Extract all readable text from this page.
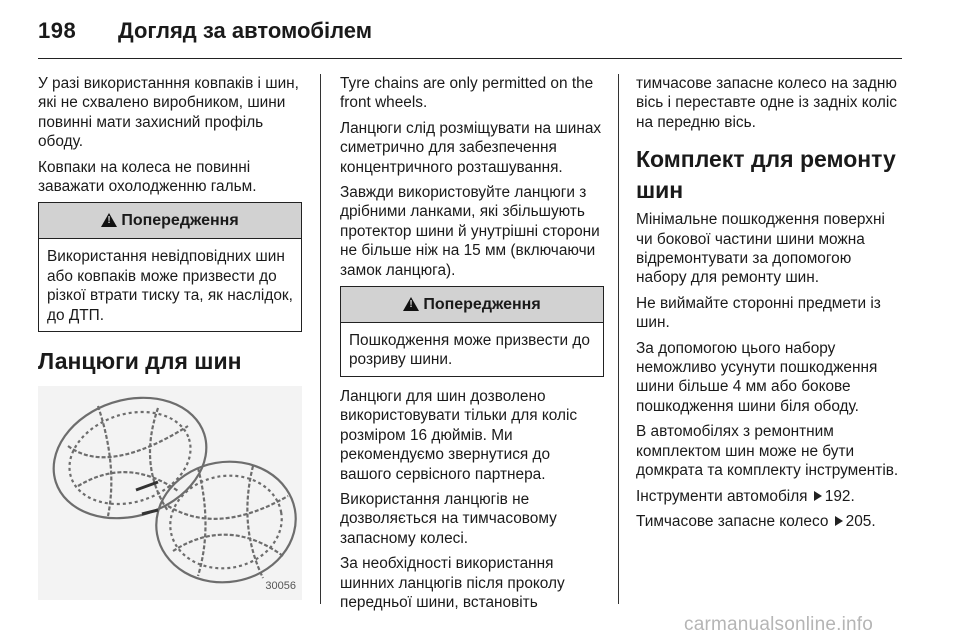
198 Догляд за автомобілем

У разі використанння ковпаків і шин, які не схвалено виробником, шини повинні мати захисний профіль ободу.

Ковпаки на колеса не повинні заважати охолодженню гальм.

!Попередження
Використання невідповідних шин або ковпаків може призвести до різкої втрати тиску та, як наслідок, до ДТП.
Ланцюги для шин
30056

Tyre chains are only permitted on the front wheels.

Ланцюги слід розміщувати на шинах симетрично для забезпечення концентричного розташування.

Завжди використовуйте ланцюги з дрібними ланками, які збільшують протектор шини й унутрішні сторони не більше ніж на 15 мм (включаючи замок ланцюга).

!Попередження
Пошкодження може призвести до розриву шини.

Ланцюги для шин дозволено використовувати тільки для коліс розміром 16 дюймів. Ми рекомендуємо звернутися до вашого сервісного партнера.

Використання ланцюгів не дозволяється на тимчасовому запасному колесі.

За необхідності використання шинних ланцюгів після проколу передньої шини, встановіть

тимчасове запасне колесо на задню вісь і переставте одне із задніх коліс на передню вісь.

Комплект для ремонту шин

Мінімальне пошкодження поверхні чи бокової частини шини можна відремонтувати за допомогою набору для ремонту шин.

Не виймайте сторонні предмети із шин.

За допомогою цього набору неможливо усунути пошкодження шини більше 4 мм або бокове пошкодження шини біля ободу.

В автомобілях з ремонтним комплектом шин може не бути домкрата та комплекту інструментів.

Інструменти автомобіля 192.

Тимчасове запасне колесо 205.

carmanualsonline.info
